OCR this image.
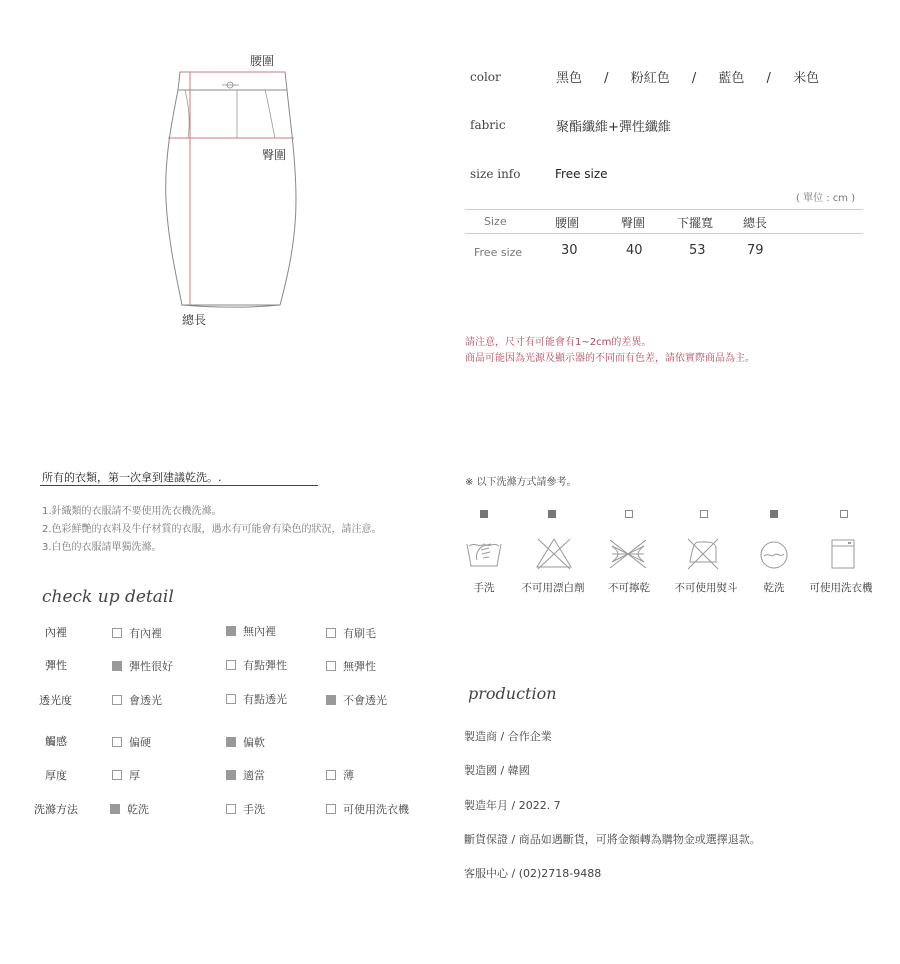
腰圍
臀圍
總長
color	黑色 / 粉紅色 / 藍色 / 米色
fabric	聚酯纖維+彈性纖維
size info	Free size
( 單位 : cm )
Size	腰圍	臀圍	下擺寬 總長
Free size	30	40	53	79
請注意，尺寸有可能會有1~2cm的差異。
商品可能因為光源及顯示器的不同而有色差，請依實際商品為主。
所有的衣類，第一次拿到建議乾洗。.
1.針織類的衣服請不要使用洗衣機洗滌。
2.色彩鮮艷的衣料及牛仔材質的衣服，遇水有可能會有染色的狀況，請注意。
3.白色的衣服請單獨洗滌。
※ 以下洗滌方式請參考。
手洗	不可用漂白劑 不可擰乾 不可使用熨斗 乾洗 可使用洗衣機
check up detail
內裡	有內裡	無內裡	有刷毛
彈性	彈性很好	有點彈性	無彈性
透光度	會透光	有點透光	不會透光
觸感	偏硬	偏軟
厚度	厚	適當	薄
洗滌方法	乾洗	手洗	可使用洗衣機
production
製造商 / 合作企業
製造國 / 韓國
製造年月 / 2022. 7
斷貨保證 / 商品如遇斷貨，可將金額轉為購物金或選擇退款。
客服中心 / (02)2718-9488
